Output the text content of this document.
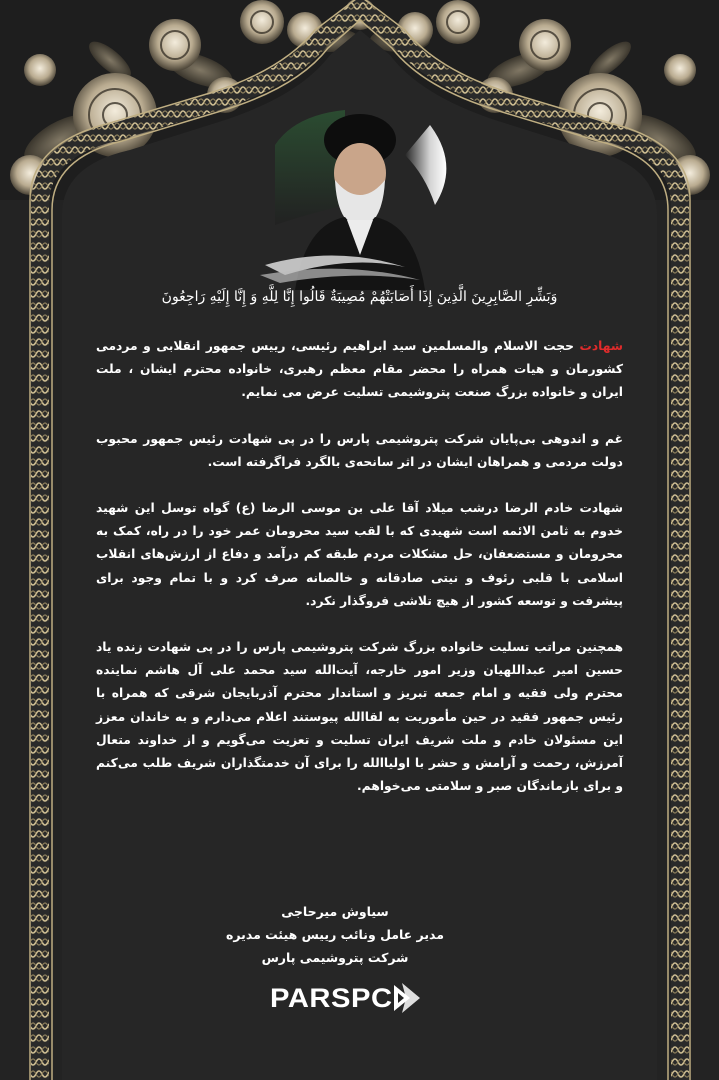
وَبَشِّرِ الصَّابِرِينَ الَّذِينَ إِذَا أَصَابَتْهُمْ مُصِيبَةٌ قَالُوا إِنَّا لِلَّهِ وَ إِنَّا إِلَيْهِ رَاجِعُونَ

شهادت حجت الاسلام والمسلمین سید ابراهیم رئیسی، رییس جمهور انقلابی و مردمی کشورمان و هیات همراه را محضر مقام معظم رهبری، خانواده محترم ایشان ، ملت ایران و خانواده بزرگ صنعت پتروشیمی تسلیت عرض می نمایم.

غم و اندوهی بی‌پایان شرکت پتروشیمی پارس را در پی شهادت رئیس جمهور محبوب دولت مردمی و همراهان ایشان در اثر سانحه‌ی بالگرد فراگرفته است.

شهادت خادم الرضا درشب میلاد آقا علی بن موسی الرضا (ع) گواه توسل این شهید خدوم به ثامن الائمه است شهیدی که با لقب سید محرومان عمر خود را در راه، کمک به محرومان و مستضعفان، حل مشکلات مردم طبقه کم درآمد و دفاع از ارزش‌های انقلاب اسلامی با قلبی رئوف و نیتی صادقانه و خالصانه صرف کرد و با تمام وجود برای پیشرفت و توسعه کشور از هیچ تلاشی فروگذار نکرد.

همچنین مراتب تسلیت خانواده بزرگ شرکت پتروشیمی پارس را در پی شهادت زنده یاد حسین امیر عبداللهیان وزیر امور خارجه، آیت‌الله سید محمد علی آل هاشم نماینده محترم ولی فقیه و امام جمعه تبریز و استاندار محترم آذربایجان شرقی که همراه با رئیس جمهور فقید در حین مأموریت به لقاالله پیوستند اعلام می‌دارم و به خاندان معزز این مسئولان خادم و ملت شریف ایران تسلیت و تعزیت می‌گویم و از خداوند متعال آمرزش، رحمت و آرامش و حشر با اولیاالله را برای آن خدمتگذاران شریف طلب می‌کنم و برای بازماندگان صبر و سلامتی می‌خواهم.

سیاوش میرحاجی
مدیر عامل ونائب رییس هیئت مدیره
شرکت پتروشیمی پارس
PARSPC
